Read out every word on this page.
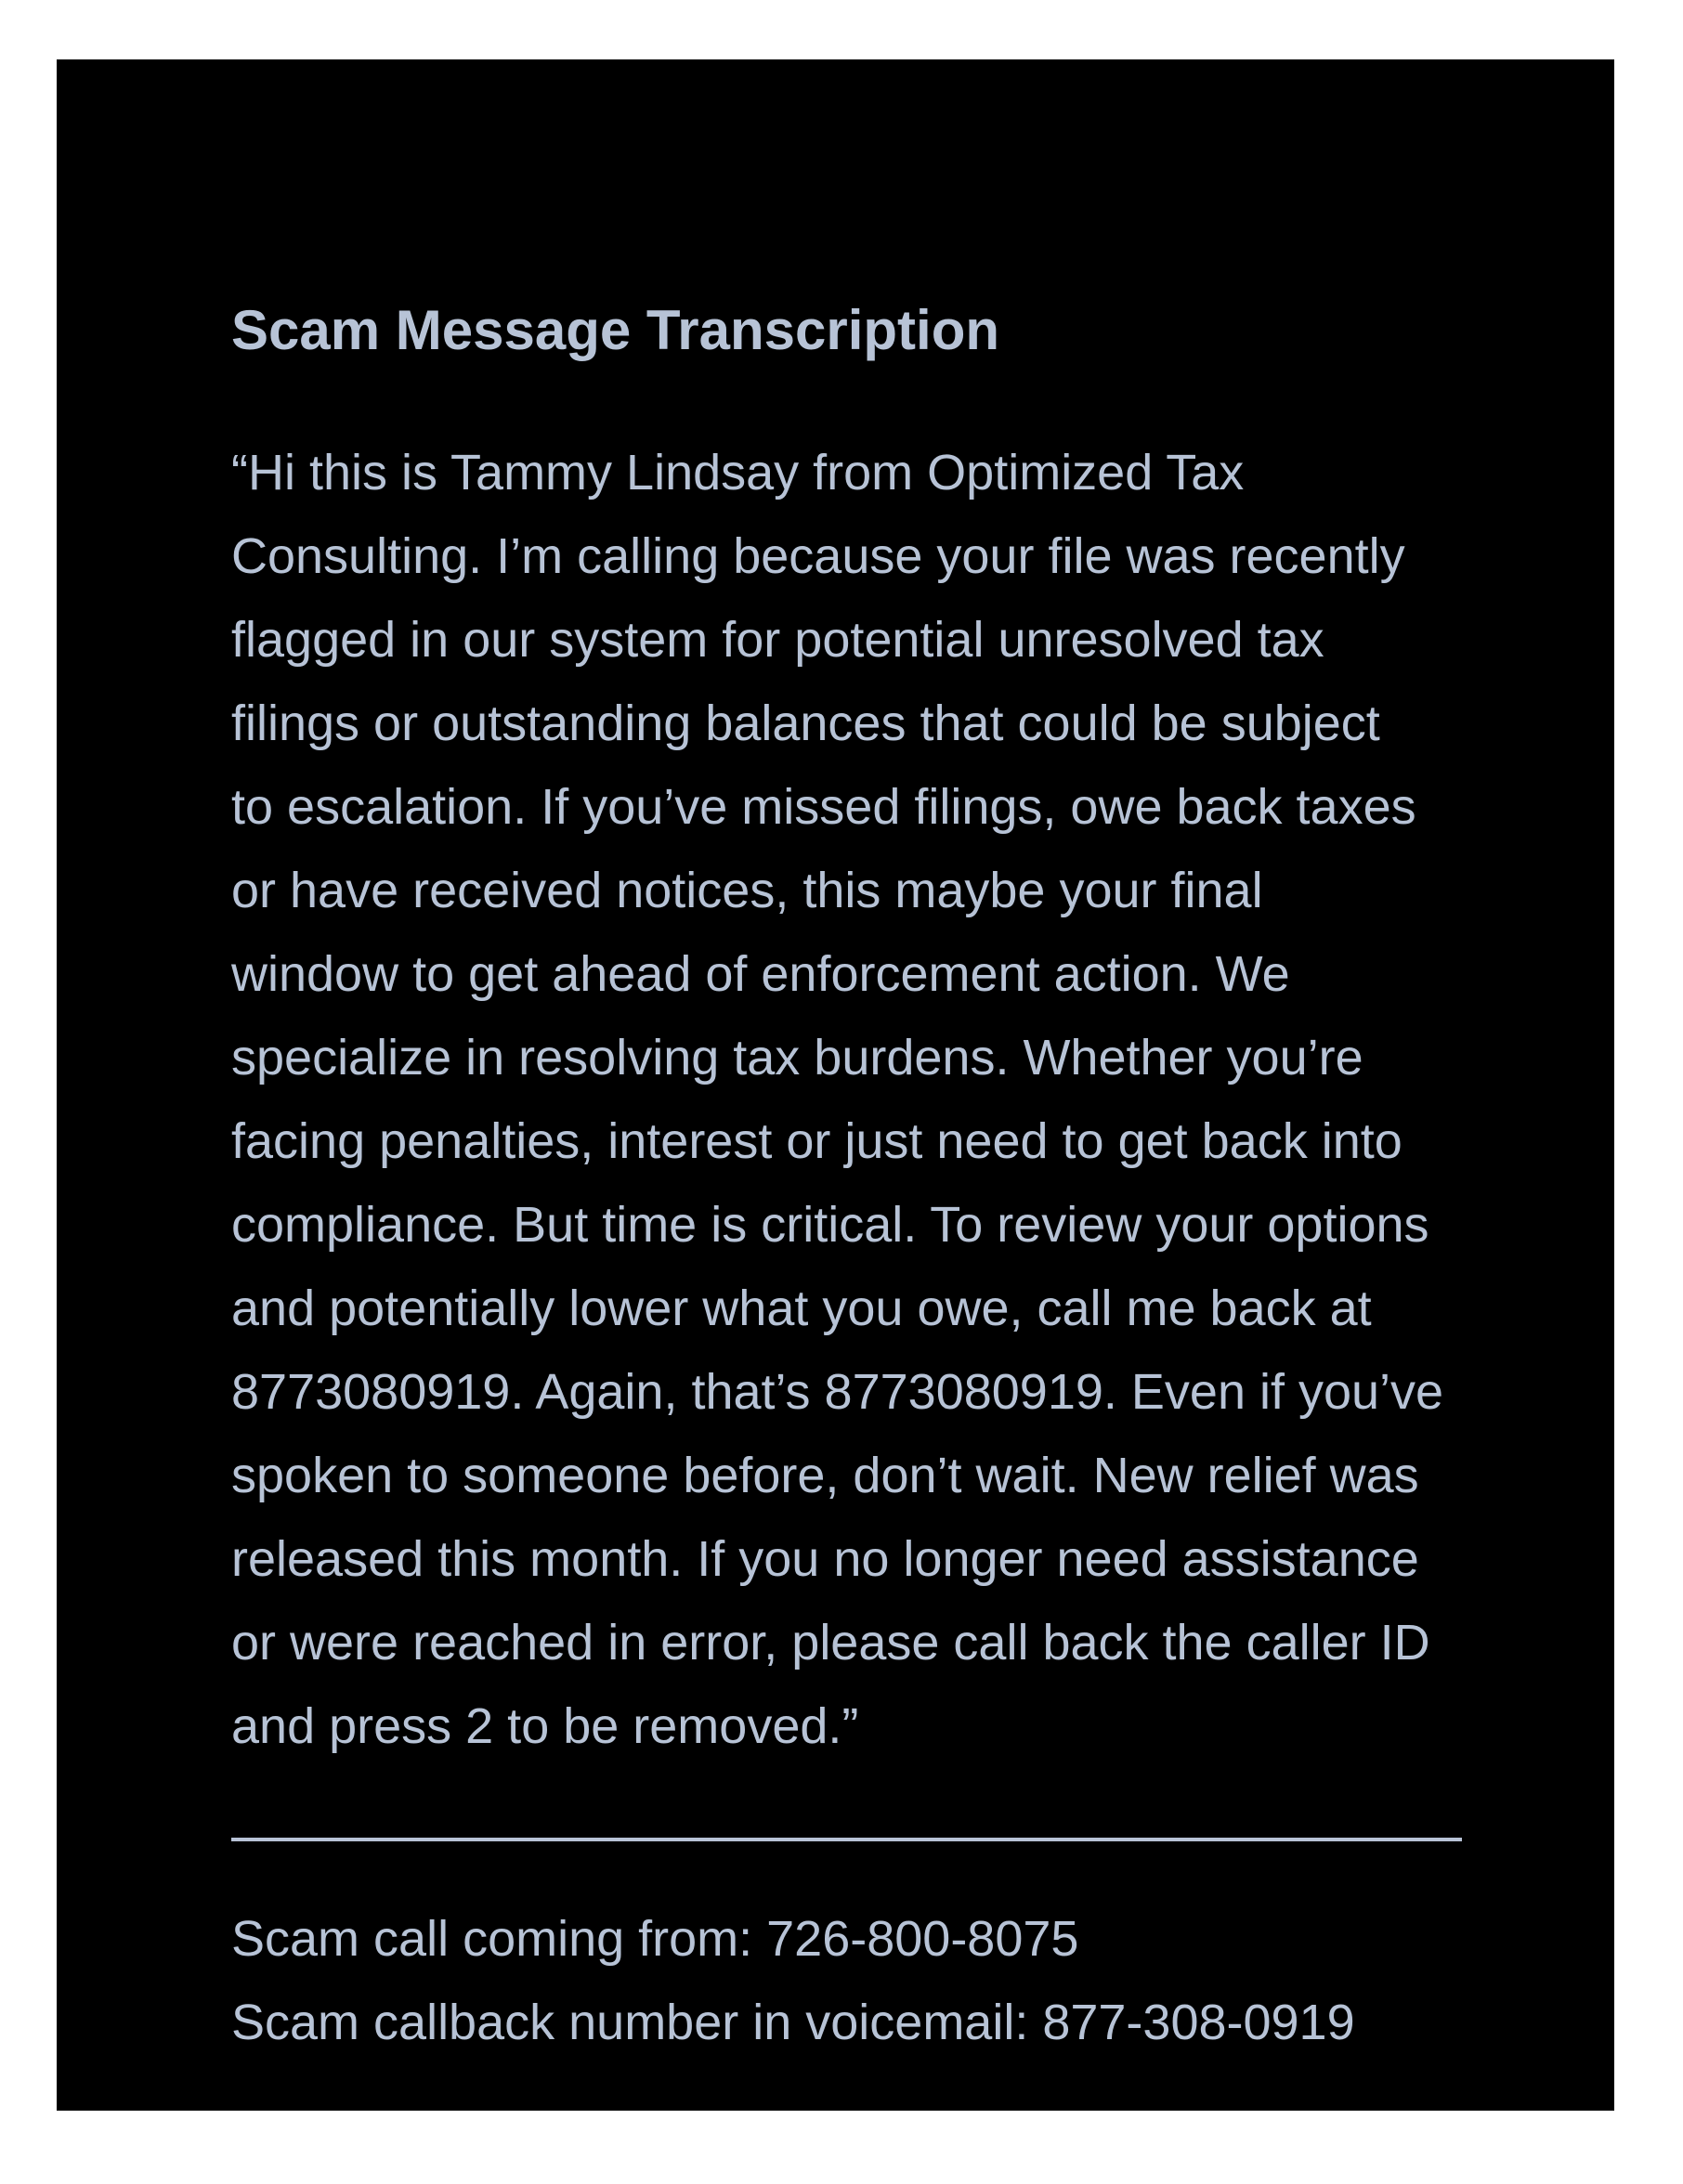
Scam Message Transcription
“Hi this is Tammy Lindsay from Optimized Tax
Consulting. I’m calling because your file was recently
flagged in our system for potential unresolved tax
filings or outstanding balances that could be subject
to escalation. If you’ve missed filings, owe back taxes
or have received notices, this maybe your final
window to get ahead of enforcement action. We
specialize in resolving tax burdens. Whether you’re
facing penalties, interest or just need to get back into
compliance. But time is critical. To review your options
and potentially lower what you owe, call me back at
8773080919. Again, that’s 8773080919. Even if you’ve
spoken to someone before, don’t wait. New relief was
released this month. If you no longer need assistance
or were reached in error, please call back the caller ID
and press 2 to be removed.”
Scam call coming from: 726-800-8075
Scam callback number in voicemail: 877-308-0919
